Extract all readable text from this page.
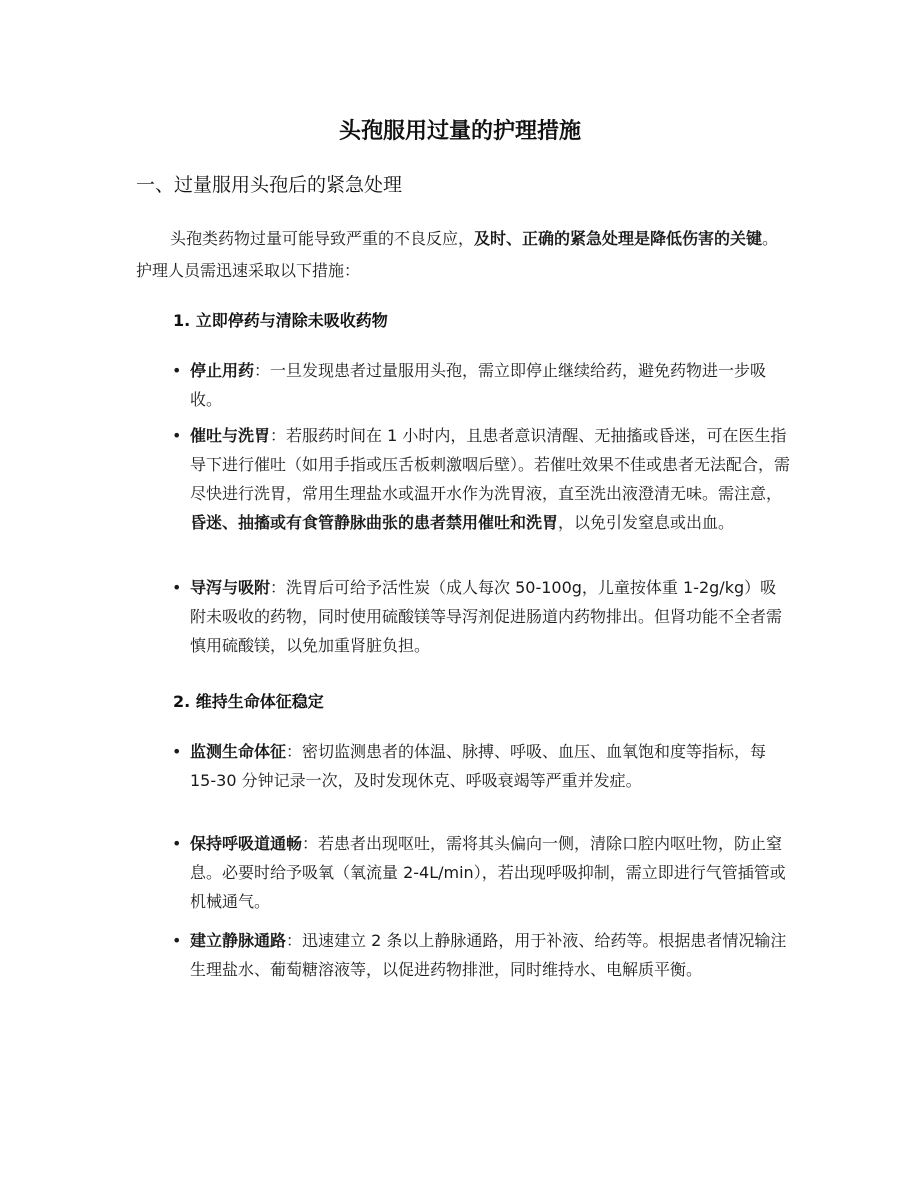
头孢服用过量的护理措施
一、过量服用头孢后的紧急处理
头孢类药物过量可能导致严重的不良反应，及时、正确的紧急处理是降低伤害的关键。护理人员需迅速采取以下措施：
1. 立即停药与清除未吸收药物
• 停止用药：一旦发现患者过量服用头孢，需立即停止继续给药，避免药物进一步吸收。
• 催吐与洗胃：若服药时间在 1 小时内，且患者意识清醒、无抽搐或昏迷，可在医生指导下进行催吐（如用手指或压舌板刺激咽后壁）。若催吐效果不佳或患者无法配合，需尽快进行洗胃，常用生理盐水或温开水作为洗胃液，直至洗出液澄清无味。需注意，昏迷、抽搐或有食管静脉曲张的患者禁用催吐和洗胃，以免引发窒息或出血。
• 导泻与吸附：洗胃后可给予活性炭（成人每次 50-100g，儿童按体重 1-2g/kg）吸附未吸收的药物，同时使用硫酸镁等导泻剂促进肠道内药物排出。但肾功能不全者需慎用硫酸镁，以免加重肾脏负担。
2. 维持生命体征稳定
• 监测生命体征：密切监测患者的体温、脉搏、呼吸、血压、血氧饱和度等指标，每 15-30 分钟记录一次，及时发现休克、呼吸衰竭等严重并发症。
• 保持呼吸道通畅：若患者出现呕吐，需将其头偏向一侧，清除口腔内呕吐物，防止窒息。必要时给予吸氧（氧流量 2-4L/min），若出现呼吸抑制，需立即进行气管插管或机械通气。
• 建立静脉通路：迅速建立 2 条以上静脉通路，用于补液、给药等。根据患者情况输注生理盐水、葡萄糖溶液等，以促进药物排泄，同时维持水、电解质平衡。
